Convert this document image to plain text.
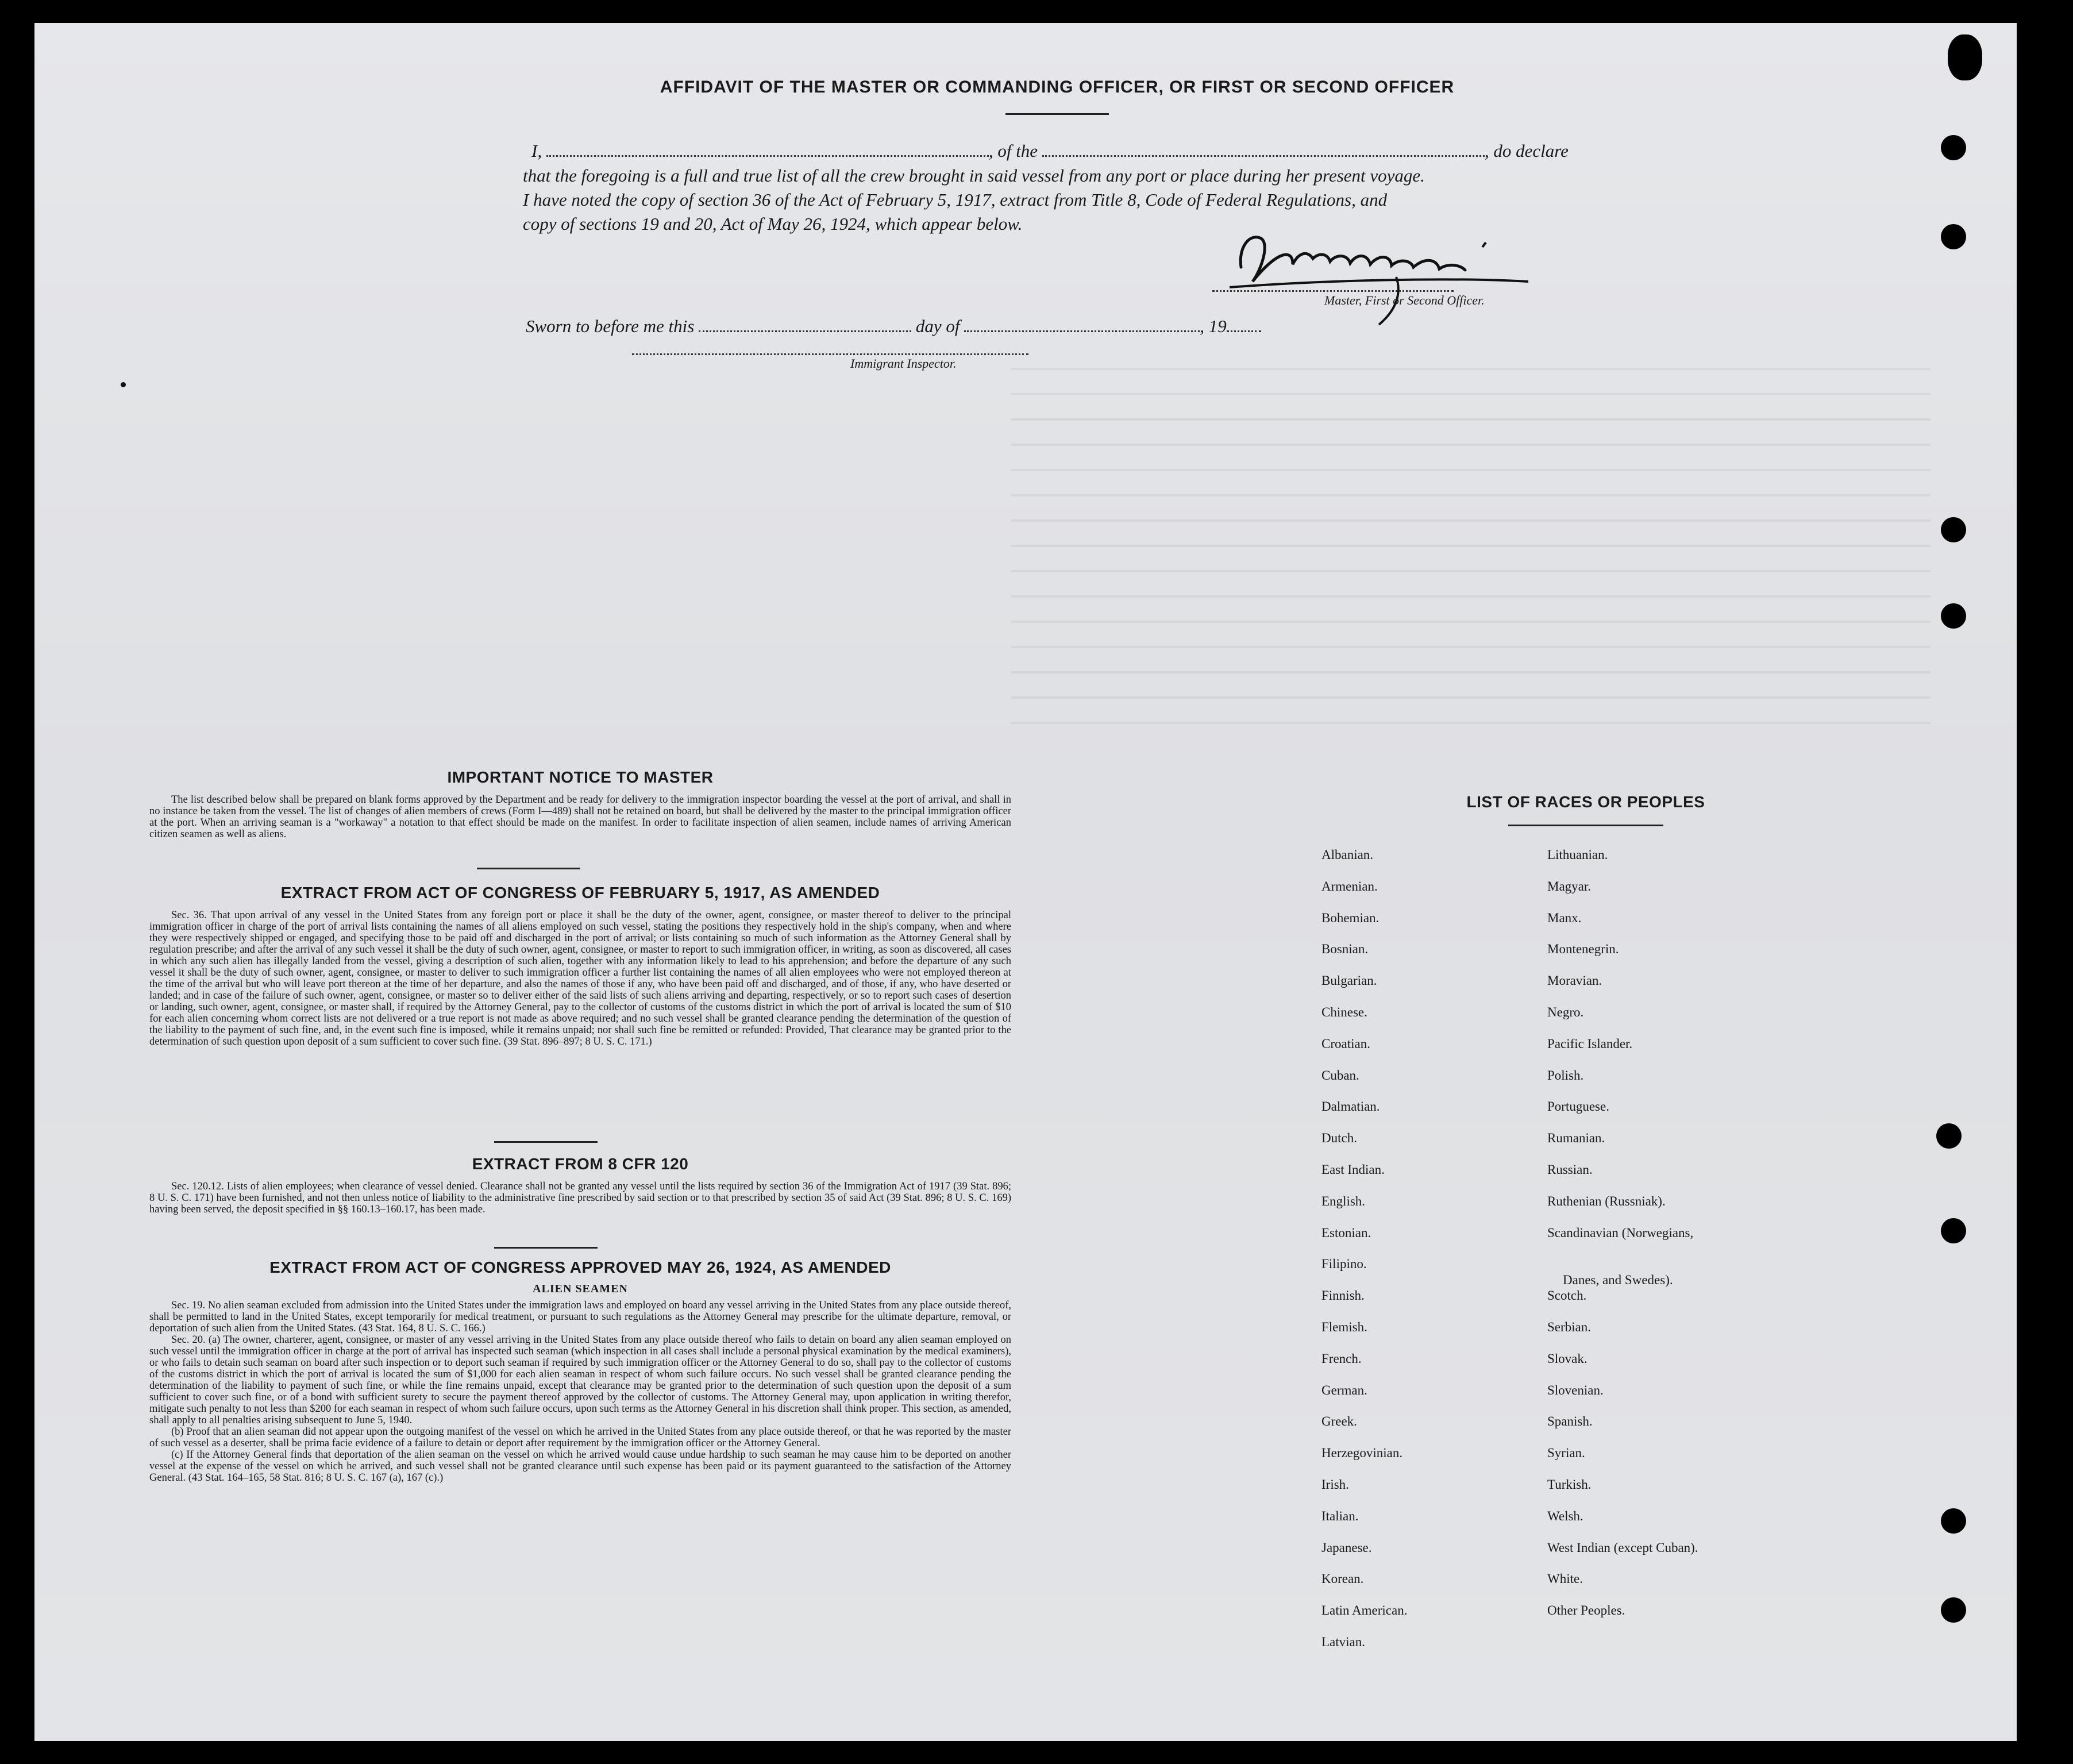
AFFIDAVIT OF THE MASTER OR COMMANDING OFFICER, OR FIRST OR SECOND OFFICER
I,	, of the	, do declare
that the foregoing is a full and true list of all the crew brought in said vessel from any port or place during her present voyage.
I have noted the copy of section 36 of the Act of February 5, 1917, extract from Title 8, Code of Federal Regulations, and
copy of sections 19 and 20, Act of May 26, 1924, which appear below.
Master, First or Second Officer.
Sworn to before me this	day of	, 19
Immigrant Inspector.
IMPORTANT NOTICE TO MASTER

The list described below shall be prepared on blank forms approved by the Department and be ready for delivery to the immigration inspector boarding the vessel at the port of arrival, and shall in no instance be taken from the vessel. The list of changes of alien members of crews (Form I—489) shall not be retained on board, but shall be delivered by the master to the principal immigration officer at the port. When an arriving seaman is a "workaway" a notation to that effect should be made on the manifest. In order to facilitate inspection of alien seamen, include names of arriving American citizen seamen as well as aliens.

EXTRACT FROM ACT OF CONGRESS OF FEBRUARY 5, 1917, AS AMENDED

Sec. 36. That upon arrival of any vessel in the United States from any foreign port or place it shall be the duty of the owner, agent, consignee, or master thereof to deliver to the principal immigration officer in charge of the port of arrival lists containing the names of all aliens employed on such vessel, stating the positions they respectively hold in the ship's company, when and where they were respectively shipped or engaged, and specifying those to be paid off and discharged in the port of arrival; or lists containing so much of such information as the Attorney General shall by regulation prescribe; and after the arrival of any such vessel it shall be the duty of such owner, agent, consignee, or master to report to such immigration officer, in writing, as soon as discovered, all cases in which any such alien has illegally landed from the vessel, giving a description of such alien, together with any information likely to lead to his apprehension; and before the departure of any such vessel it shall be the duty of such owner, agent, consignee, or master to deliver to such immigration officer a further list containing the names of all alien employees who were not employed thereon at the time of the arrival but who will leave port thereon at the time of her departure, and also the names of those if any, who have been paid off and discharged, and of those, if any, who have deserted or landed; and in case of the failure of such owner, agent, consignee, or master so to deliver either of the said lists of such aliens arriving and departing, respectively, or so to report such cases of desertion or landing, such owner, agent, consignee, or master shall, if required by the Attorney General, pay to the collector of customs of the customs district in which the port of arrival is located the sum of $10 for each alien concerning whom correct lists are not delivered or a true report is not made as above required; and no such vessel shall be granted clearance pending the determination of the question of the liability to the payment of such fine, and, in the event such fine is imposed, while it remains unpaid; nor shall such fine be remitted or refunded: Provided, That clearance may be granted prior to the determination of such question upon deposit of a sum sufficient to cover such fine. (39 Stat. 896–897; 8 U. S. C. 171.)

EXTRACT FROM 8 CFR 120

Sec. 120.12. Lists of alien employees; when clearance of vessel denied. Clearance shall not be granted any vessel until the lists required by section 36 of the Immigration Act of 1917 (39 Stat. 896; 8 U. S. C. 171) have been furnished, and not then unless notice of liability to the administrative fine prescribed by said section or to that prescribed by section 35 of said Act (39 Stat. 896; 8 U. S. C. 169) having been served, the deposit specified in §§ 160.13–160.17, has been made.

EXTRACT FROM ACT OF CONGRESS APPROVED MAY 26, 1924, AS AMENDED
ALIEN SEAMEN

Sec. 19. No alien seaman excluded from admission into the United States under the immigration laws and employed on board any vessel arriving in the United States from any place outside thereof, shall be permitted to land in the United States, except temporarily for medical treatment, or pursuant to such regulations as the Attorney General may prescribe for the ultimate departure, removal, or deportation of such alien from the United States. (43 Stat. 164, 8 U. S. C. 166.)

Sec. 20. (a) The owner, charterer, agent, consignee, or master of any vessel arriving in the United States from any place outside thereof who fails to detain on board any alien seaman employed on such vessel until the immigration officer in charge at the port of arrival has inspected such seaman (which inspection in all cases shall include a personal physical examination by the medical examiners), or who fails to detain such seaman on board after such inspection or to deport such seaman if required by such immigration officer or the Attorney General to do so, shall pay to the collector of customs of the customs district in which the port of arrival is located the sum of $1,000 for each alien seaman in respect of whom such failure occurs. No such vessel shall be granted clearance pending the determination of the liability to payment of such fine, or while the fine remains unpaid, except that clearance may be granted prior to the determination of such question upon the deposit of a sum sufficient to cover such fine, or of a bond with sufficient surety to secure the payment thereof approved by the collector of customs. The Attorney General may, upon application in writing therefor, mitigate such penalty to not less than $200 for each seaman in respect of whom such failure occurs, upon such terms as the Attorney General in his discretion shall think proper. This section, as amended, shall apply to all penalties arising subsequent to June 5, 1940.

(b) Proof that an alien seaman did not appear upon the outgoing manifest of the vessel on which he arrived in the United States from any place outside thereof, or that he was reported by the master of such vessel as a deserter, shall be prima facie evidence of a failure to detain or deport after requirement by the immigration officer or the Attorney General.

(c) If the Attorney General finds that deportation of the alien seaman on the vessel on which he arrived would cause undue hardship to such seaman he may cause him to be deported on another vessel at the expense of the vessel on which he arrived, and such vessel shall not be granted clearance until such expense has been paid or its payment guaranteed to the satisfaction of the Attorney General. (43 Stat. 164–165, 58 Stat. 816; 8 U. S. C. 167 (a), 167 (c).)

LIST OF RACES OR PEOPLES
Albanian.
Armenian.
Bohemian.
Bosnian.
Bulgarian.
Chinese.
Croatian.
Cuban.
Dalmatian.
Dutch.
East Indian.
English.
Estonian.
Filipino.
Finnish.
Flemish.
French.
German.
Greek.
Herzegovinian.
Irish.
Italian.
Japanese.
Korean.
Latin American.
Latvian.
Lithuanian.
Magyar.
Manx.
Montenegrin.
Moravian.
Negro.
Pacific Islander.
Polish.
Portuguese.
Rumanian.
Russian.
Ruthenian (Russniak).
Scandinavian (Norwegians,
Danes, and Swedes).
Scotch.
Serbian.
Slovak.
Slovenian.
Spanish.
Syrian.
Turkish.
Welsh.
West Indian (except Cuban).
White.
Other Peoples.
